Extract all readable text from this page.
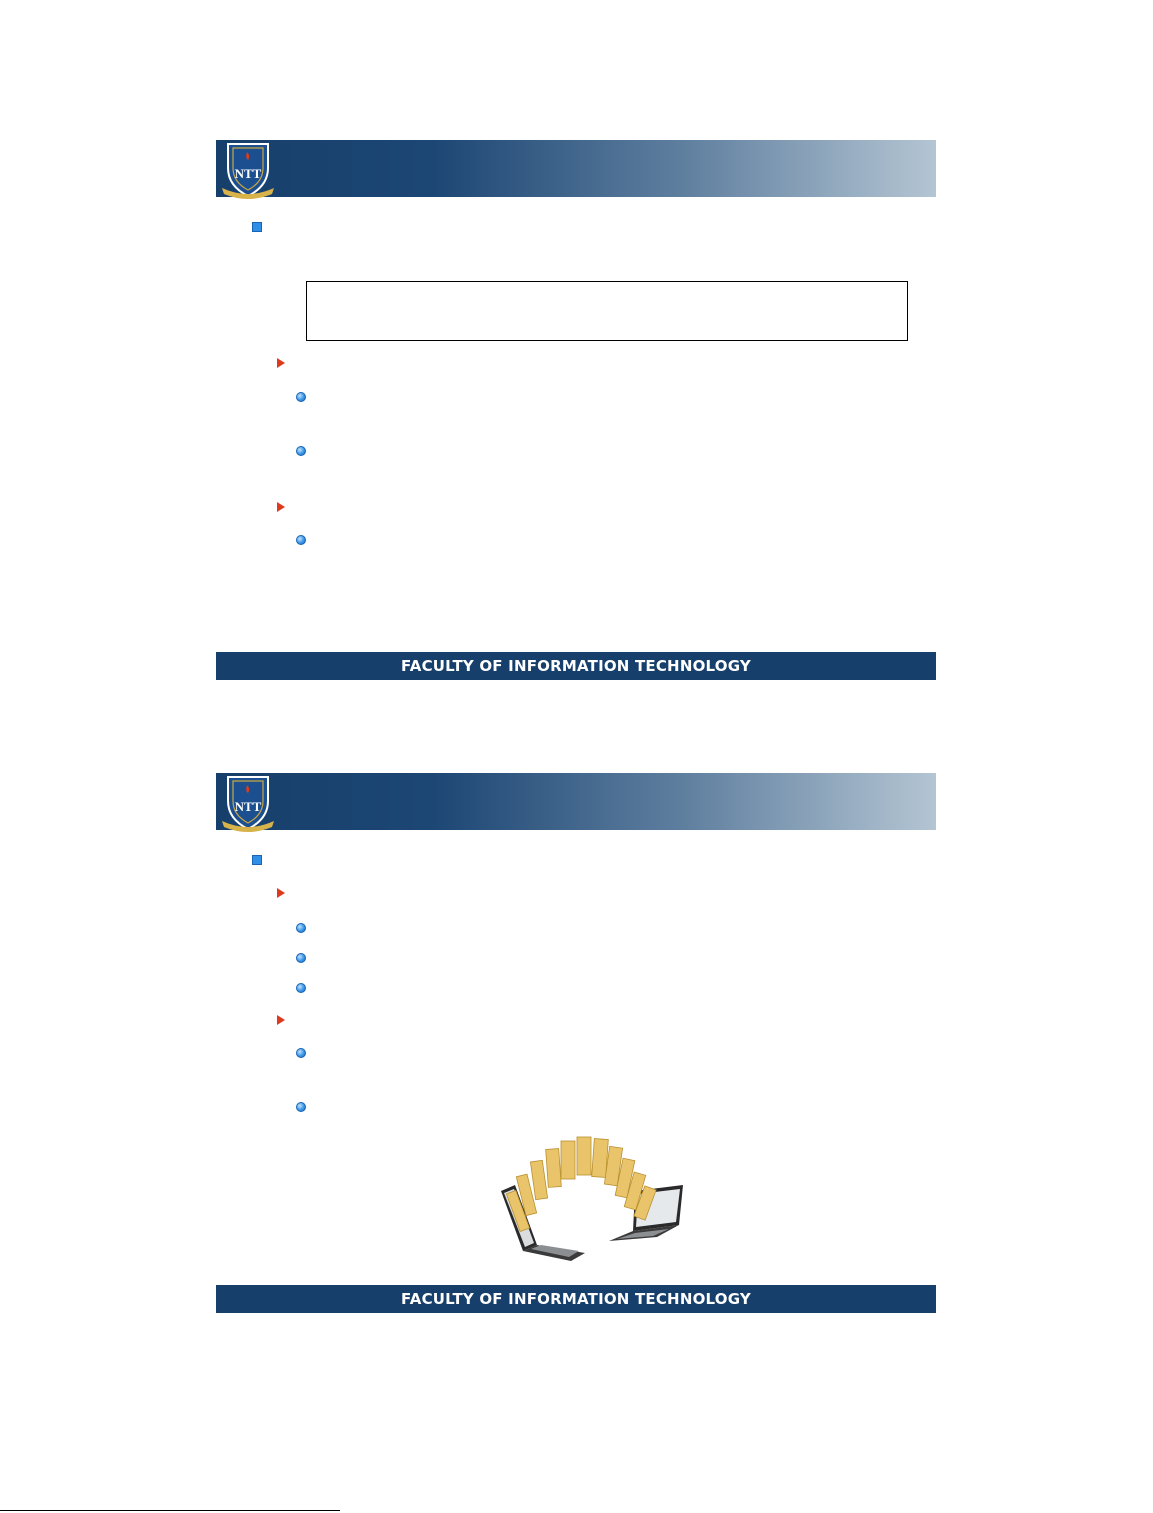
NTT
FACULTY OF INFORMATION TECHNOLOGY
NTT
FACULTY OF INFORMATION TECHNOLOGY
